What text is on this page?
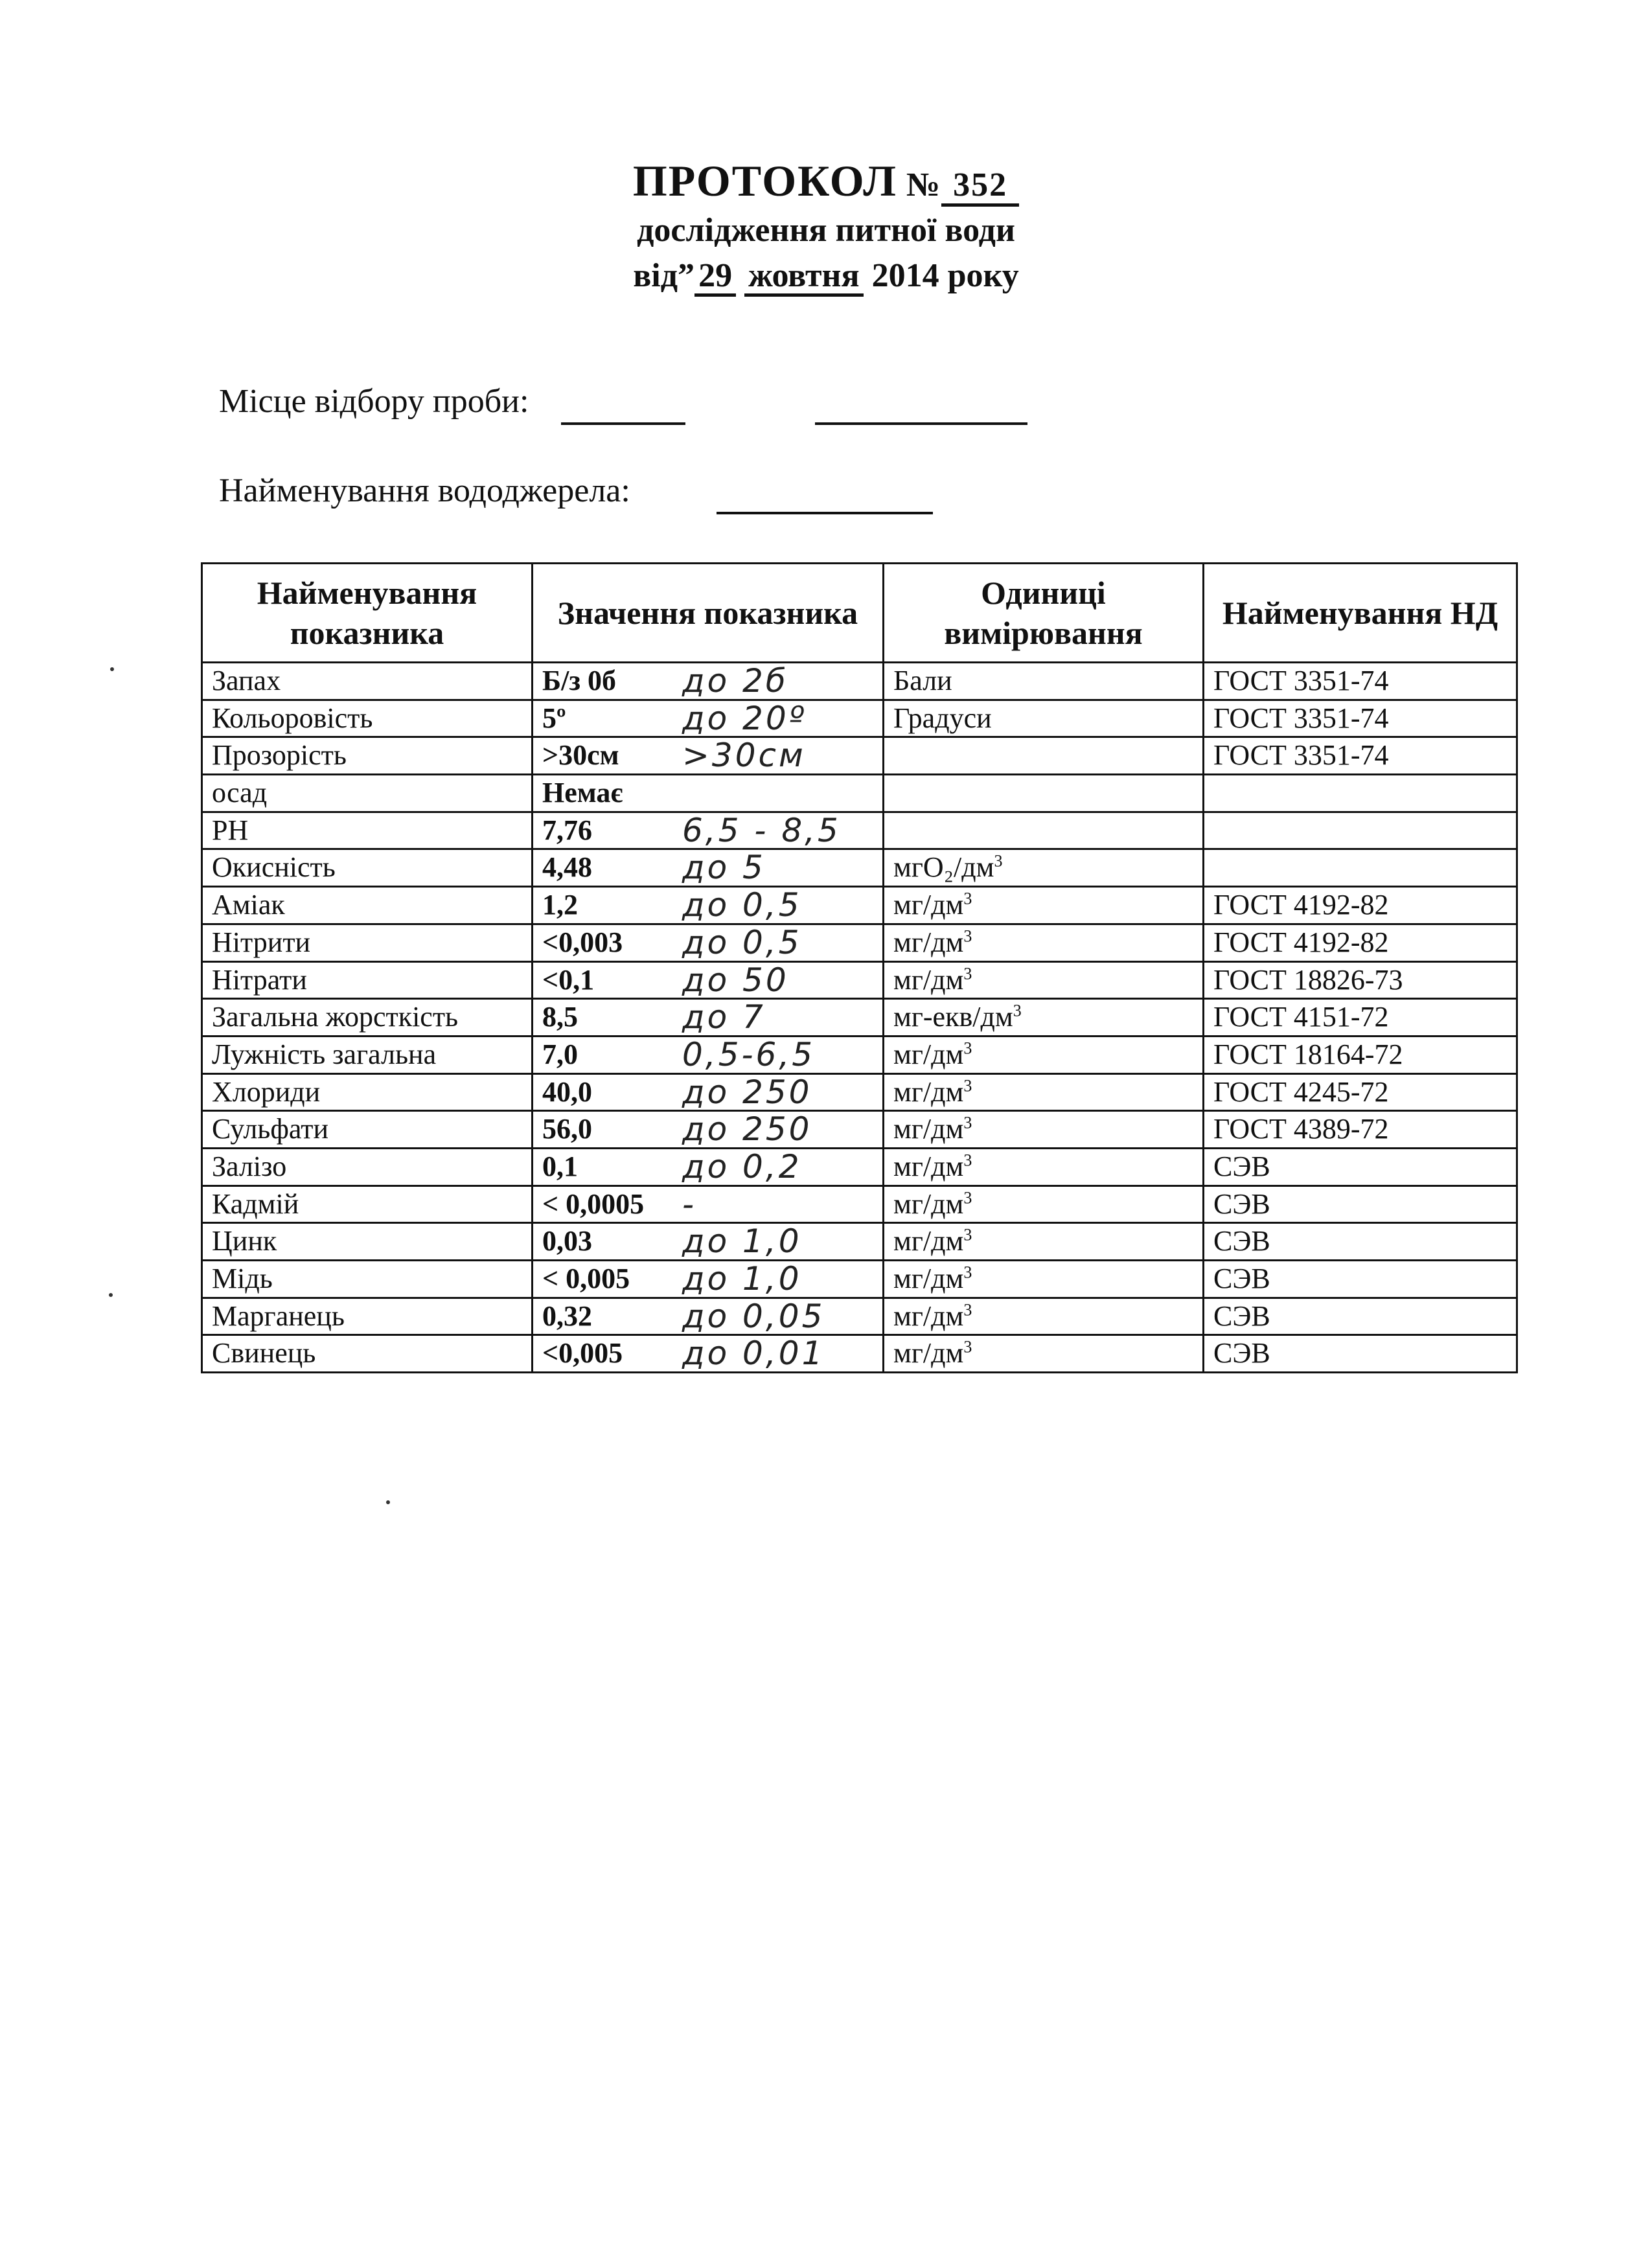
ПРОТОКОЛ № 352
дослідження питної води
від” 29 жовтня 2014 року
Місце відбору проби:
Найменування вододжерела:
Найменування показника	Значення показника	Одиниці вимірювання	Найменування НД
Запах	Б/з 0б до 2б	Бали	ГОСТ 3351-74
Кольоровість	5º до 20º	Градуси	ГОСТ 3351-74
Прозорість	>30см >30см		ГОСТ 3351-74
осад	Немає

PH	7,76 6,5 - 8,5		

Окисність	4,48 до 5	мгО₂/$дм^3$	
Аміак	1,2 до 0,5	$мг/дм^3$	ГОСТ 4192-82
Нітрити	<0,003 до 0,5	$мг/дм^3$	ГОСТ 4192-82
Нітрати	<0,1 до 50	$мг/дм^3$	ГОСТ 18826-73
Загальна жорсткість	8,5 до 7	$мг-екв/дм^3$	ГОСТ 4151-72
Лужність загальна	7,0 0,5-6,5	$мг/дм^3$	ГОСТ 18164-72
Хлориди	40,0 до 250	$мг/дм^3$	ГОСТ 4245-72
Сульфати	56,0 до 250	$мг/дм^3$	ГОСТ 4389-72
Залізо	0,1 до 0,2	$мг/дм^3$	СЭВ
Кадмій	< 0,0005 -	$мг/дм^3$	СЭВ
Цинк	0,03 до 1,0	$мг/дм^3$	СЭВ
Мідь	< 0,005 до 1,0	$мг/дм^3$	СЭВ
Марганець	0,32 до 0,05	$мг/дм^3$	СЭВ
Свинець	<0,005 до 0,01	$мг/дм^3$	СЭВ
